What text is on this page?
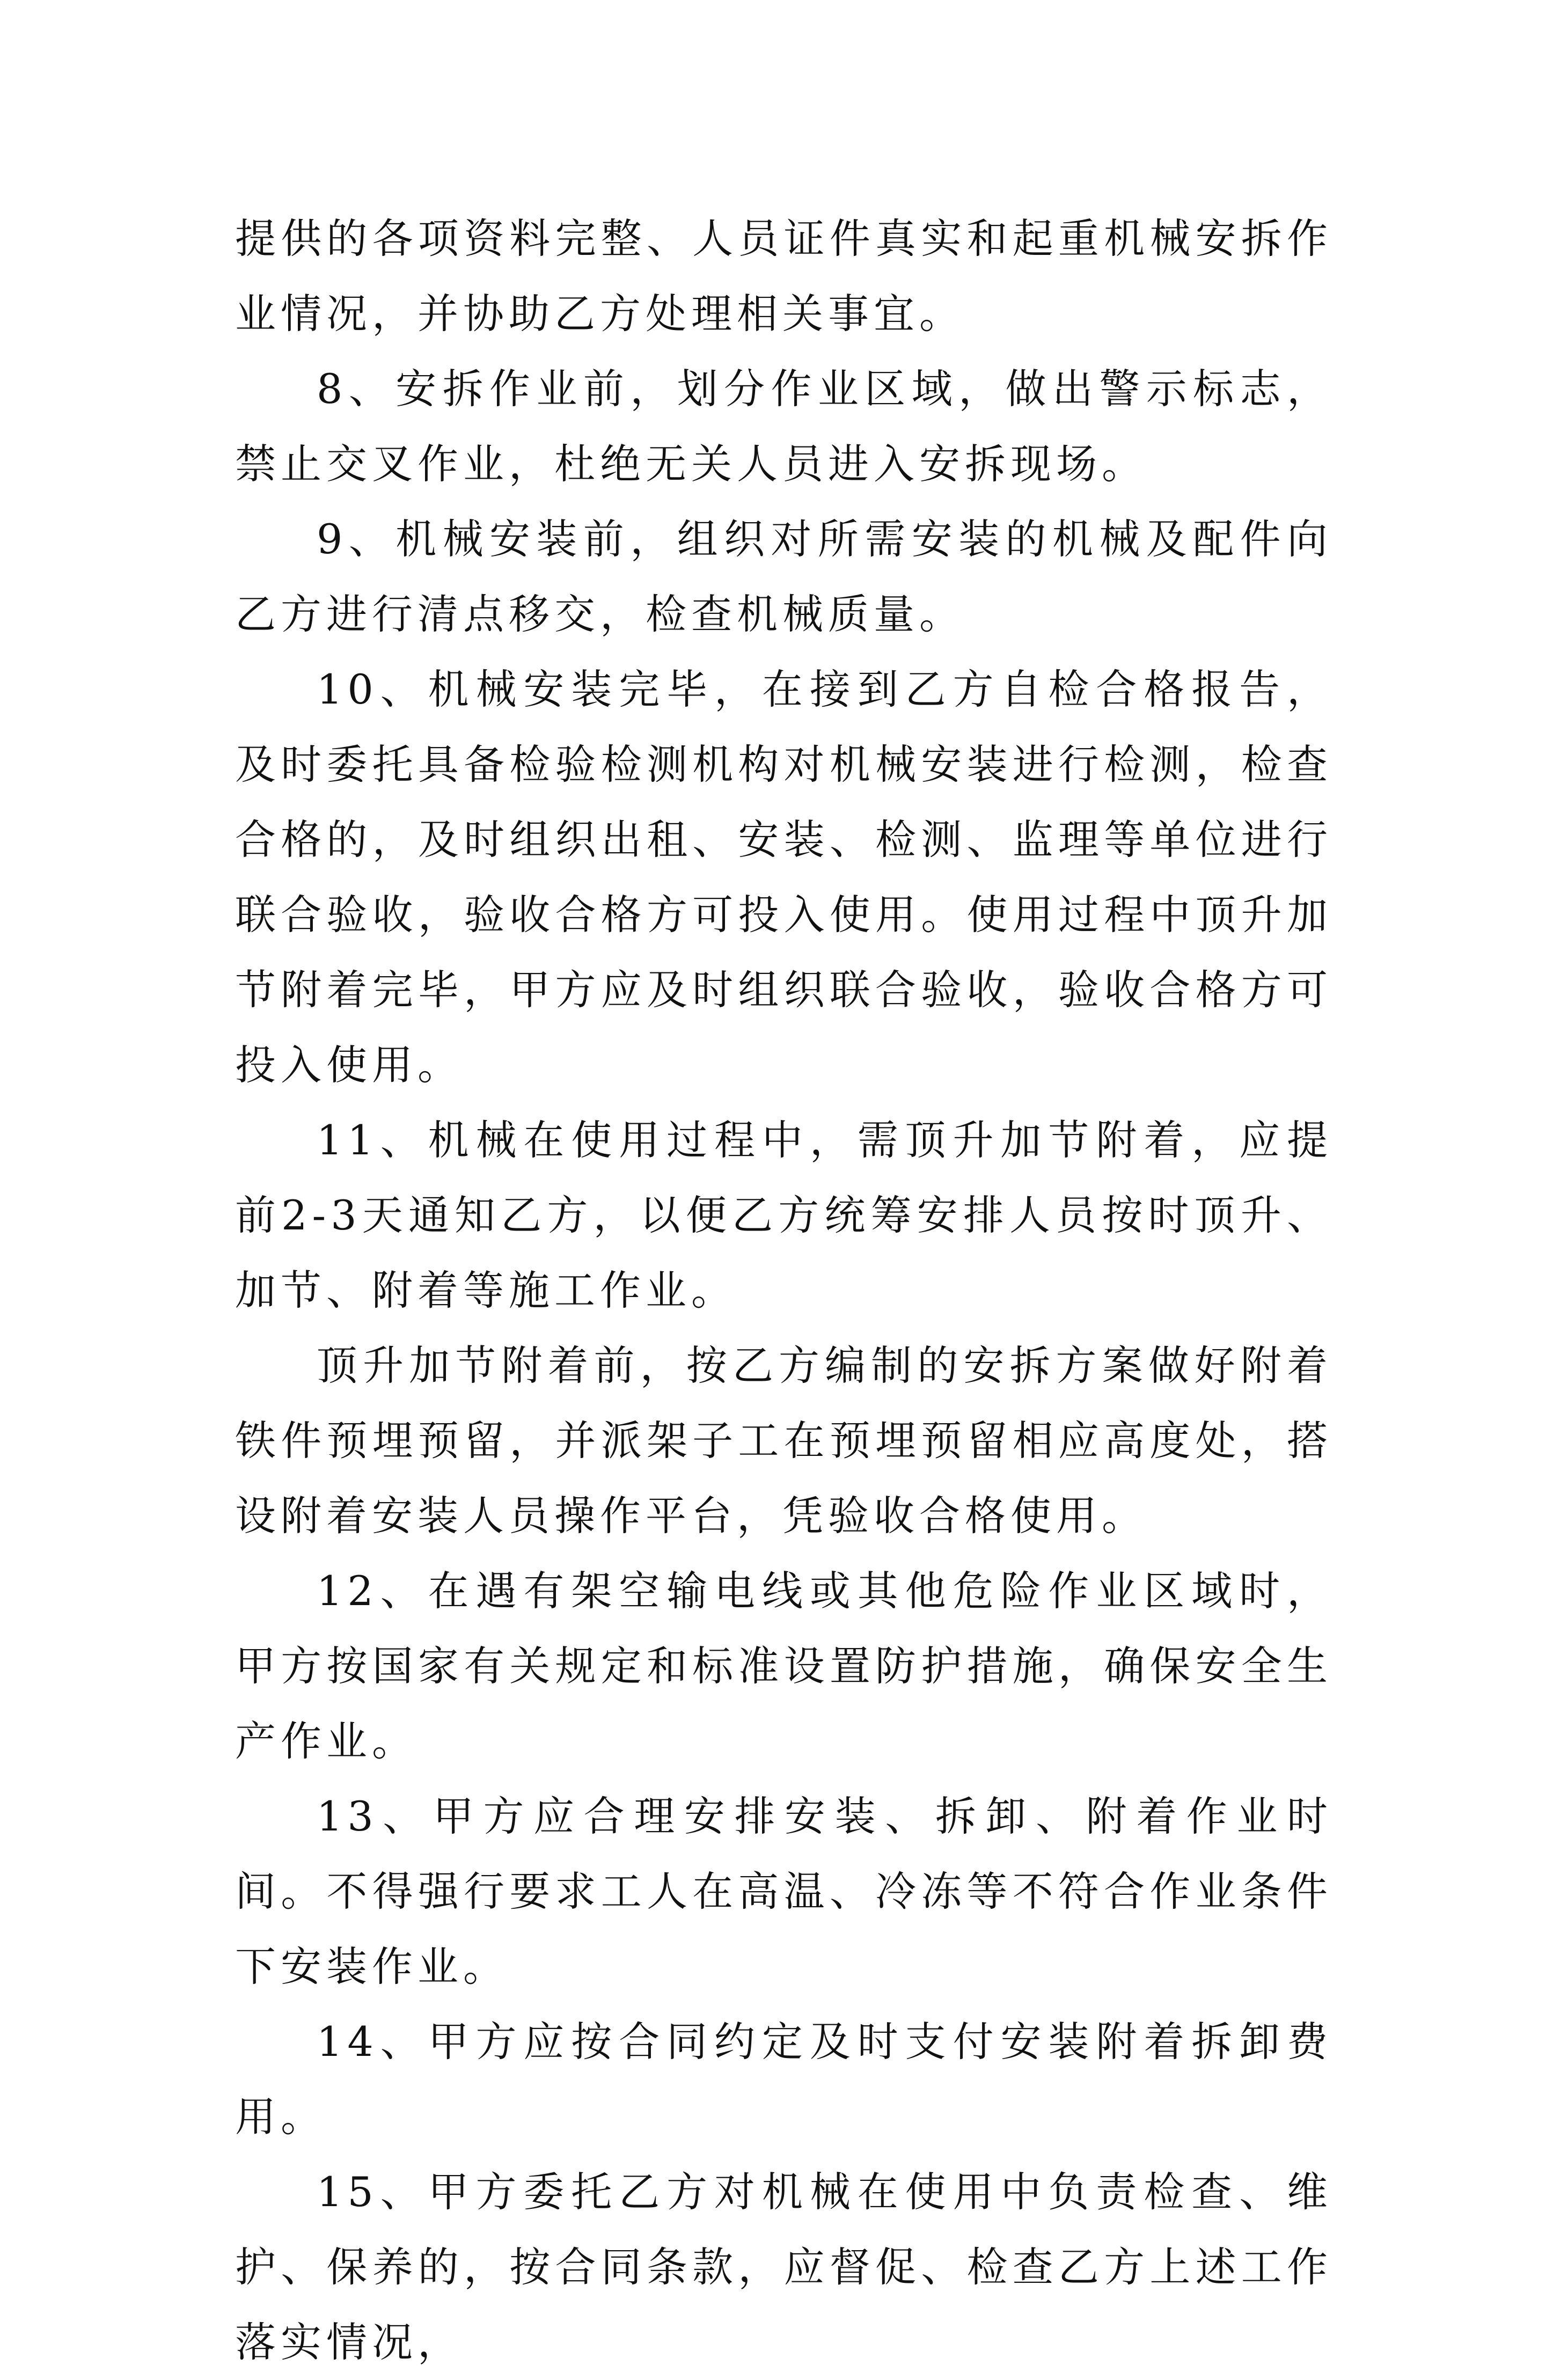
提供的各项资料完整、人员证件真实和起重机械安拆作业情况，并协助乙方处理相关事宜。

8、安拆作业前，划分作业区域，做出警示标志，禁止交叉作业，杜绝无关人员进入安拆现场。

9、机械安装前，组织对所需安装的机械及配件向乙方进行清点移交，检查机械质量。

10、机械安装完毕，在接到乙方自检合格报告，及时委托具备检验检测机构对机械安装进行检测，检查合格的，及时组织出租、安装、检测、监理等单位进行联合验收，验收合格方可投入使用。使用过程中顶升加节附着完毕，甲方应及时组织联合验收，验收合格方可投入使用。

11、机械在使用过程中，需顶升加节附着，应提前2-3天通知乙方，以便乙方统筹安排人员按时顶升、加节、附着等施工作业。

顶升加节附着前，按乙方编制的安拆方案做好附着铁件预埋预留，并派架子工在预埋预留相应高度处，搭设附着安装人员操作平台，凭验收合格使用。

12、在遇有架空输电线或其他危险作业区域时，甲方按国家有关规定和标准设置防护措施，确保安全生产作业。

13、甲方应合理安排安装、拆卸、附着作业时间。不得强行要求工人在高温、冷冻等不符合作业条件下安装作业。

14、甲方应按合同约定及时支付安装附着拆卸费用。

15、甲方委托乙方对机械在使用中负责检查、维护、保养的，按合同条款，应督促、检查乙方上述工作落实情况，
